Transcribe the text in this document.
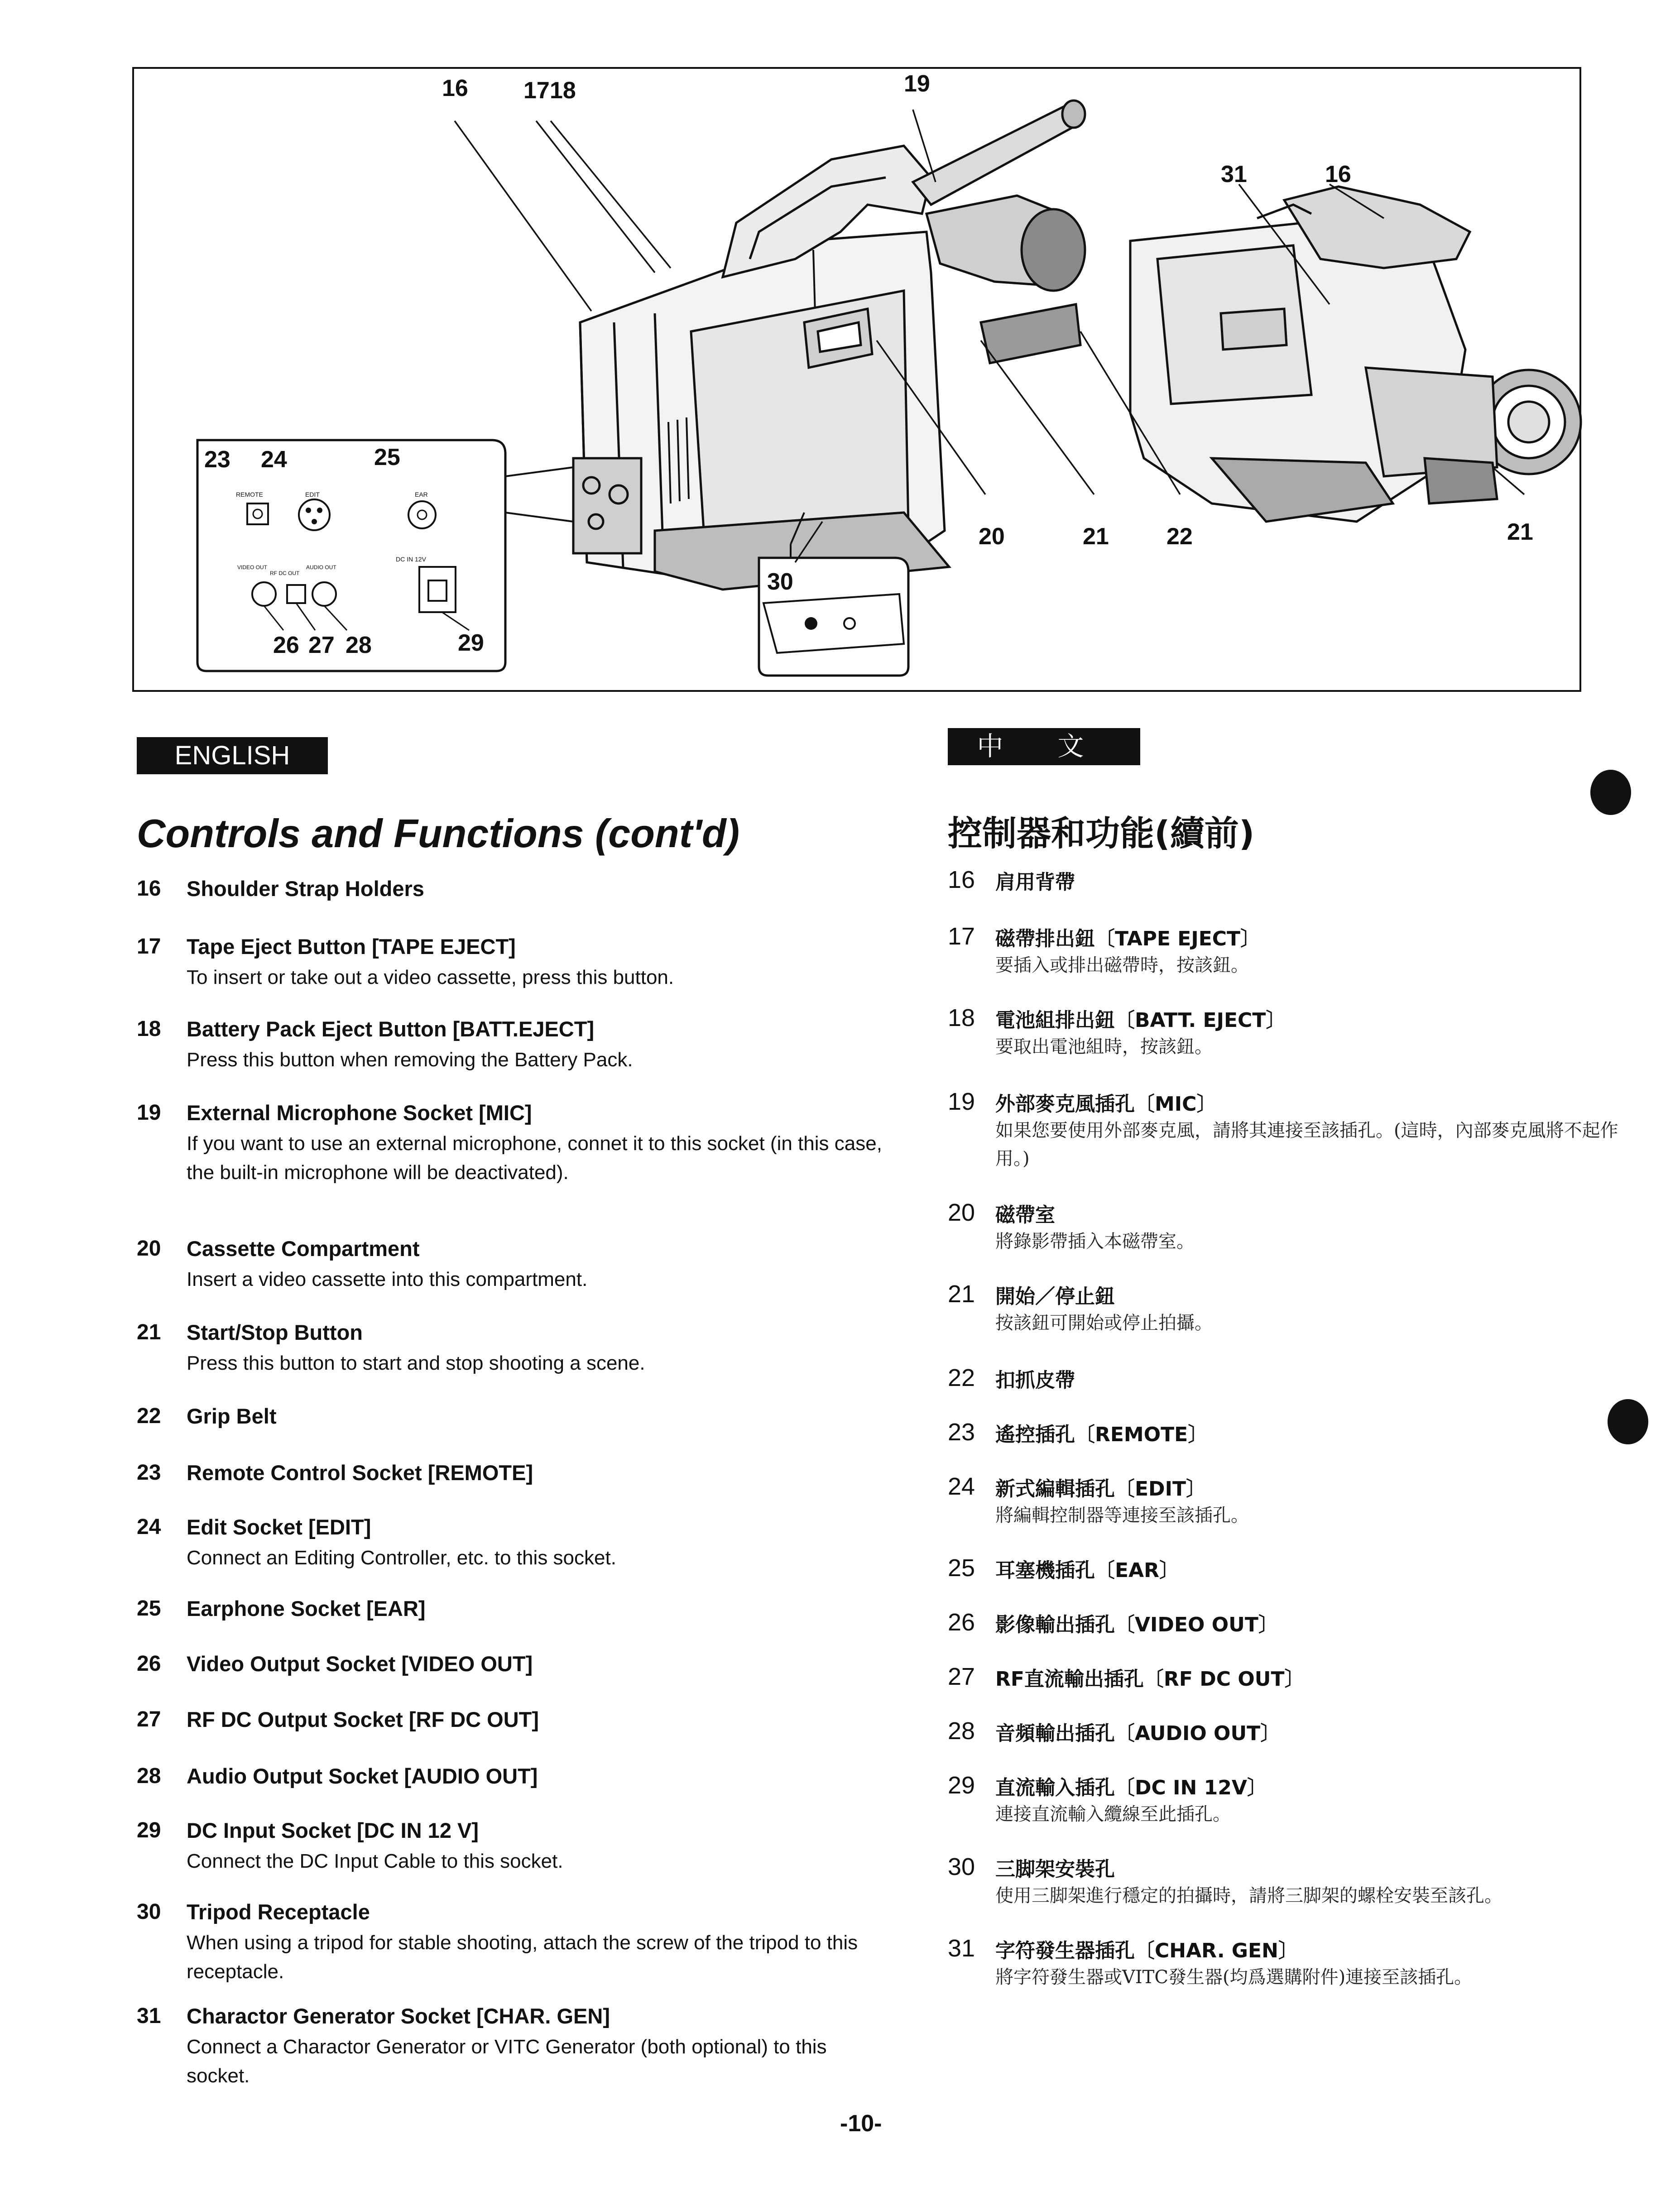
REMOTE	EDIT	EAR
VIDEO OUT
RF DC OUT
AUDIO OUT
DC IN 12V
16 17 18	19
31	16
20	21 22	21
23 24	25
26 27 28	29
30
ENGLISH	中文
Controls and Functions (cont'd)	控制器和功能(續前)
16 Shoulder Strap Holders
17 Tape Eject Button [TAPE EJECT]
To insert or take out a video cassette, press this button.
18 Battery Pack Eject Button [BATT.EJECT]
Press this button when removing the Battery Pack.
19 External Microphone Socket [MIC]
If you want to use an external microphone, connet it to this socket (in this case, the built-in microphone will be deactivated).
20 Cassette Compartment
Insert a video cassette into this compartment.
21 Start/Stop Button
Press this button to start and stop shooting a scene.
22 Grip Belt
23 Remote Control Socket [REMOTE]
24 Edit Socket [EDIT]
Connect an Editing Controller, etc. to this socket.
25 Earphone Socket [EAR]
26 Video Output Socket [VIDEO OUT]
27 RF DC Output Socket [RF DC OUT]
28 Audio Output Socket [AUDIO OUT]
29 DC Input Socket [DC IN 12 V]
Connect the DC Input Cable to this socket.
30 Tripod Receptacle
When using a tripod for stable shooting, attach the screw of the tripod to this receptacle.
31 Charactor Generator Socket [CHAR. GEN]
Connect a Charactor Generator or VITC Generator (both optional) to this socket.
16 肩用背帶
17 磁帶排出鈕〔TAPE EJECT〕
要插入或排出磁帶時，按該鈕。
18 電池組排出鈕〔BATT. EJECT〕
要取出電池組時，按該鈕。
19 外部麥克風插孔〔MIC〕
如果您要使用外部麥克風，請將其連接至該插孔。(這時，內部麥克風將不起作用。)
20 磁帶室
將錄影帶插入本磁帶室。
21 開始／停止鈕
按該鈕可開始或停止拍攝。
22 扣抓皮帶
23 遙控插孔〔REMOTE〕
24 新式編輯插孔〔EDIT〕
將編輯控制器等連接至該插孔。
25 耳塞機插孔〔EAR〕
26 影像輸出插孔〔VIDEO OUT〕
27 RF直流輸出插孔〔RF DC OUT〕
28 音頻輸出插孔〔AUDIO OUT〕
29 直流輸入插孔〔DC IN 12V〕
連接直流輸入纜線至此插孔。
30 三脚架安裝孔
使用三脚架進行穩定的拍攝時，請將三脚架的螺栓安裝至該孔。
31 字符發生器插孔〔CHAR. GEN〕
將字符發生器或VITC發生器(均爲選購附件)連接至該插孔。
-10-
